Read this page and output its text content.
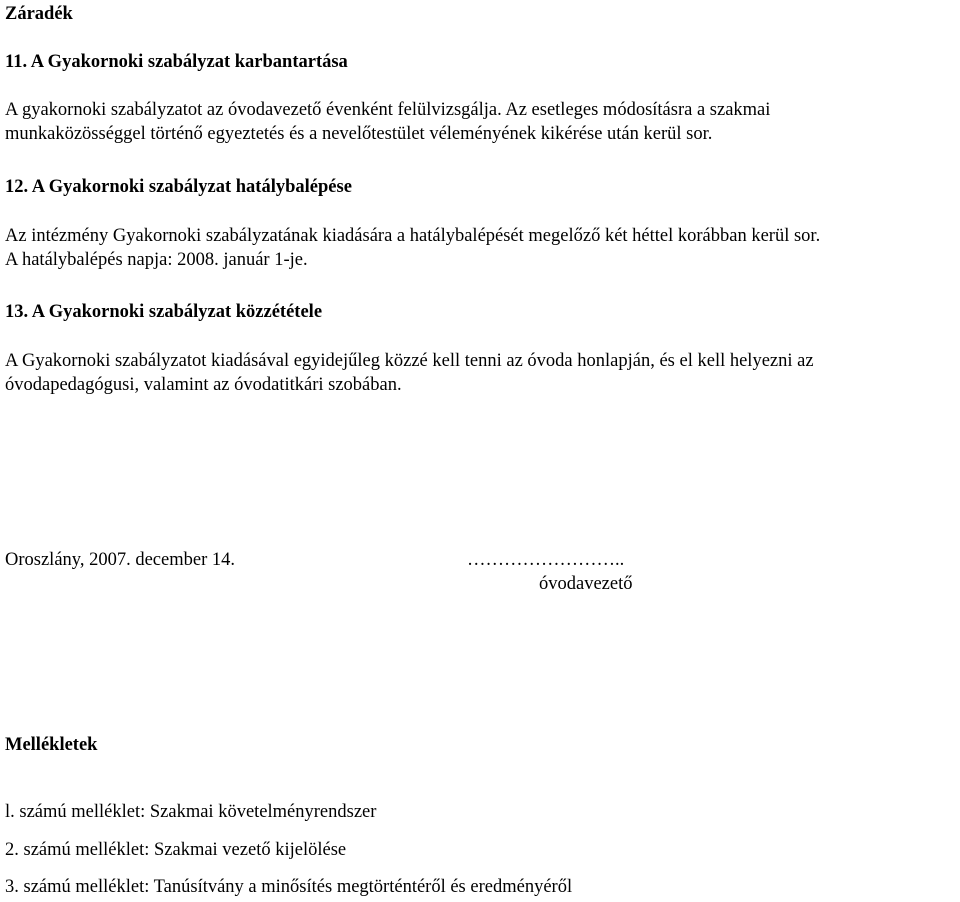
Záradék
11. A Gyakornoki szabályzat karbantartása
A gyakornoki szabályzatot az óvodavezető évenként felülvizsgálja. Az esetleges módosításra a szakmai
munkaközösséggel történő egyeztetés és a nevelőtestület véleményének kikérése után kerül sor.
12. A Gyakornoki szabályzat hatálybalépése
Az intézmény Gyakornoki szabályzatának kiadására a hatálybalépését megelőző két héttel korábban kerül sor.
A hatálybalépés napja: 2008. január 1-je.
13. A Gyakornoki szabályzat közzététele
A Gyakornoki szabályzatot kiadásával egyidejűleg közzé kell tenni az óvoda honlapján, és el kell helyezni az
óvodapedagógusi, valamint az óvodatitkári szobában.
Oroszlány, 2007. december 14.	……………………..
óvodavezető
Mellékletek
l. számú melléklet: Szakmai követelményrendszer
2. számú melléklet: Szakmai vezető kijelölése
3. számú melléklet: Tanúsítvány a minősítés megtörténtéről és eredményéről
